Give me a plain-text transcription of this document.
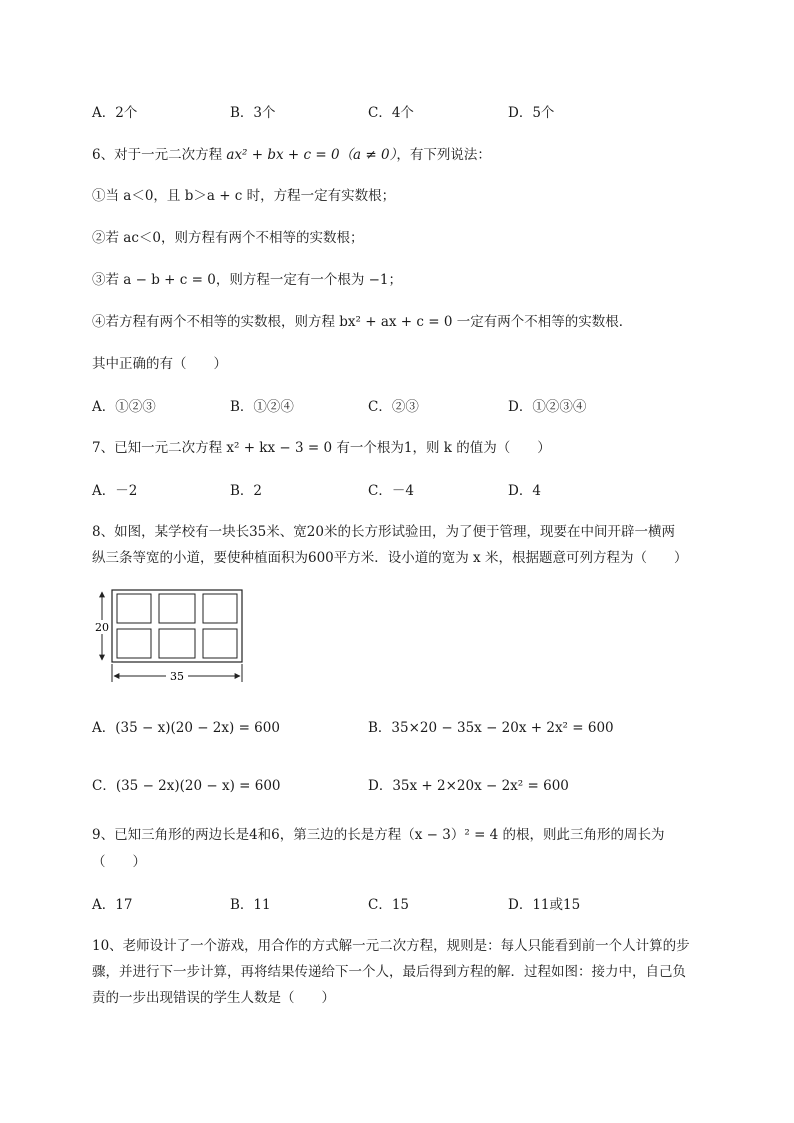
A．2个	B．3个	C．4个	D．5个
6、对于一元二次方程 ax² + bx + c = 0（a ≠ 0），有下列说法：
①当 a＜0，且 b＞a + c 时，方程一定有实数根；
②若 ac＜0，则方程有两个不相等的实数根；
③若 a − b + c = 0，则方程一定有一个根为 −1；
④若方程有两个不相等的实数根，则方程 bx² + ax + c = 0 一定有两个不相等的实数根．
其中正确的有（　　）
A．①②③	B．①②④	C．②③	D．①②③④
7、已知一元二次方程 x² + kx − 3 = 0 有一个根为1，则 k 的值为（　　）
A．－2	B．2	C．－4	D．4
8、如图，某学校有一块长35米、宽20米的长方形试验田，为了便于管理，现要在中间开辟一横两
纵三条等宽的小道，要使种植面积为600平方米．设小道的宽为 x 米，根据题意可列方程为（　　）
20
35
A．(35 − x)(20 − 2x) = 600	B．35×20 − 35x − 20x + 2x² = 600
C．(35 − 2x)(20 − x) = 600	D．35x + 2×20x − 2x² = 600
9、已知三角形的两边长是4和6，第三边的长是方程（x − 3）² = 4 的根，则此三角形的周长为
（　　）
A．17	B．11	C．15	D．11或15
10、老师设计了一个游戏，用合作的方式解一元二次方程，规则是：每人只能看到前一个人计算的步
骤，并进行下一步计算，再将结果传递给下一个人，最后得到方程的解．过程如图：接力中，自己负
责的一步出现错误的学生人数是（　　）
